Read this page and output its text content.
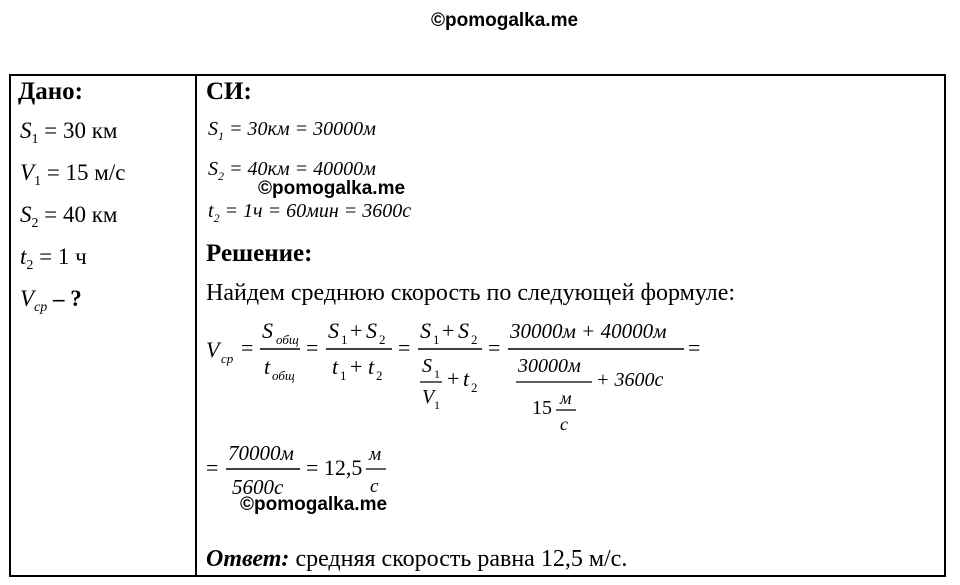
©pomogalka.me
©pomogalka.me
©pomogalka.me
Дано:
$S_1 = 30$ км
$V_1 = 15$ м/с
$S_2 = 40$ км
$t_2 = 1$ ч
$V_{ср}$ – ?
СИ:
$S_1 = 30км = 30000м$
$S_2 = 40км = 40000м$
$t_2 = 1ч = 60мин = 3600с$
Решение:
Найдем среднюю скорость по следующей формуле:
V ср =
S общ
t общ
=
S 1 + S 2
t 1 + t 2
=
S 1 + S 2
S 1
V 1
+ t 2
=
30000м + 40000м
30000м
+ 3600с
15 м
с
=
=
70000м
5600с
= 12,5
м
с
Ответ: средняя скорость равна 12,5 м/с.
